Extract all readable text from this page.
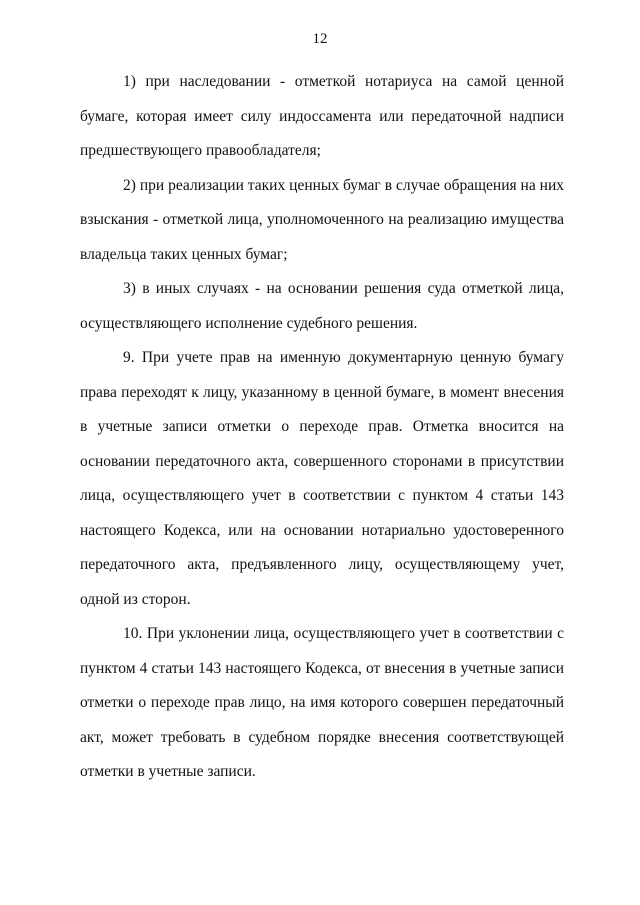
12

1) при наследовании - отметкой нотариуса на самой ценной бумаге, которая имеет силу индоссамента или передаточной надписи предшествующего правообладателя;

2) при реализации таких ценных бумаг в случае обращения на них взыскания - отметкой лица, уполномоченного на реализацию имущества владельца таких ценных бумаг;

3) в иных случаях - на основании решения суда отметкой лица, осуществляющего исполнение судебного решения.

9. При учете прав на именную документарную ценную бумагу права переходят к лицу, указанному в ценной бумаге, в момент внесения в учетные записи отметки о переходе прав. Отметка вносится на основании передаточного акта, совершенного сторонами в присутствии лица, осуществляющего учет в соответствии с пунктом 4 статьи 143 настоящего Кодекса, или на основании нотариально удостоверенного передаточного акта, предъявленного лицу, осуществляющему учет, одной из сторон.

10. При уклонении лица, осуществляющего учет в соответствии с пунктом 4 статьи 143 настоящего Кодекса, от внесения в учетные записи отметки о переходе прав лицо, на имя которого совершен передаточный акт, может требовать в судебном порядке внесения соответствующей отметки в учетные записи.
